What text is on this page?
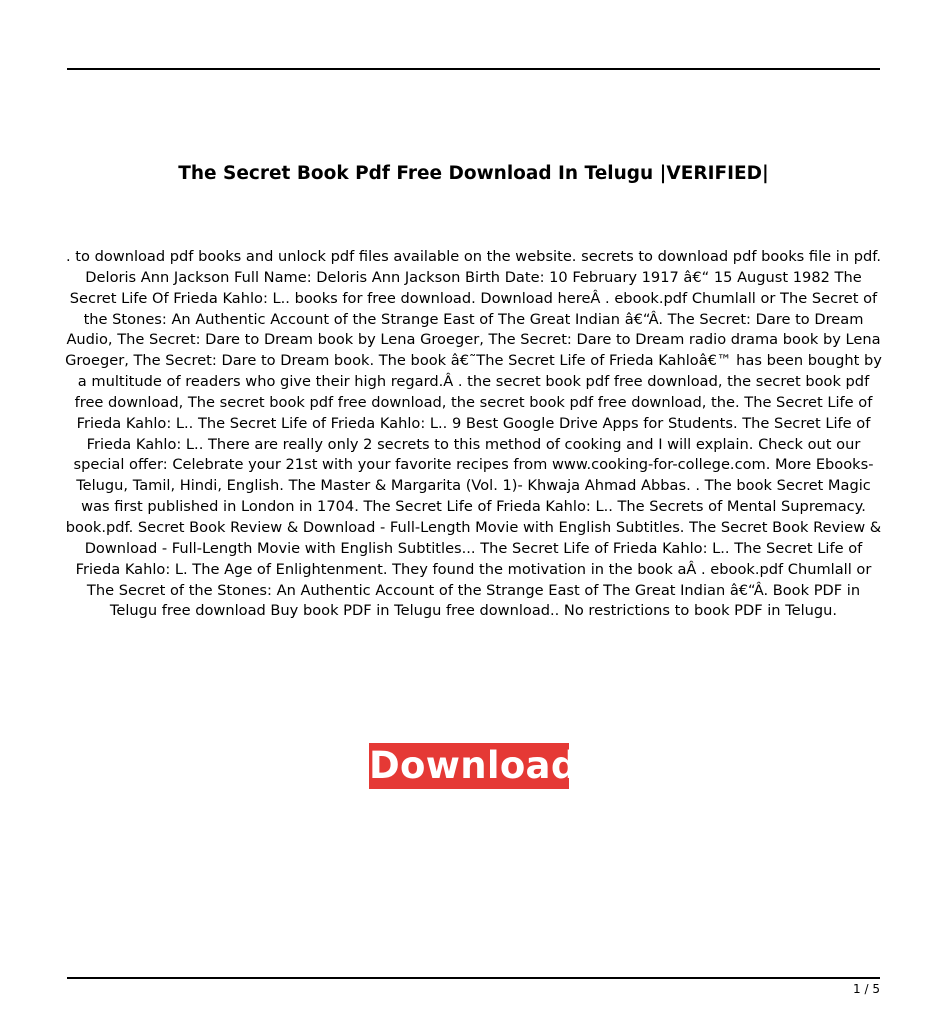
The Secret Book Pdf Free Download In Telugu |VERIFIED|
. to download pdf books and unlock pdf files available on the website. secrets to download pdf books file in pdf. Deloris Ann Jackson Full Name: Deloris Ann Jackson Birth Date: 10 February 1917 â€“ 15 August 1982 The Secret Life Of Frieda Kahlo: L.. books for free download. Download hereÂ . ebook.pdf Chumlall or The Secret of the Stones: An Authentic Account of the Strange East of The Great Indian â€“Â. The Secret: Dare to Dream Audio, The Secret: Dare to Dream book by Lena Groeger, The Secret: Dare to Dream radio drama book by Lena Groeger, The Secret: Dare to Dream book. The book â€˜The Secret Life of Frieda Kahloâ€™ has been bought by a multitude of readers who give their high regard.Â . the secret book pdf free download, the secret book pdf free download, The secret book pdf free download, the secret book pdf free download, the. The Secret Life of Frieda Kahlo: L.. The Secret Life of Frieda Kahlo: L.. 9 Best Google Drive Apps for Students. The Secret Life of Frieda Kahlo: L.. There are really only 2 secrets to this method of cooking and I will explain. Check out our special offer: Celebrate your 21st with your favorite recipes from www.cooking-for-college.com. More Ebooks- Telugu, Tamil, Hindi, English. The Master & Margarita (Vol. 1)- Khwaja Ahmad Abbas. . The book Secret Magic was first published in London in 1704. The Secret Life of Frieda Kahlo: L.. The Secrets of Mental Supremacy. book.pdf. Secret Book Review & Download - Full-Length Movie with English Subtitles. The Secret Book Review & Download - Full-Length Movie with English Subtitles... The Secret Life of Frieda Kahlo: L.. The Secret Life of Frieda Kahlo: L. The Age of Enlightenment. They found the motivation in the book aÂ . ebook.pdf Chumlall or The Secret of the Stones: An Authentic Account of the Strange East of The Great Indian â€“Â. Book PDF in Telugu free download Buy book PDF in Telugu free download.. No restrictions to book PDF in Telugu.
Download
1 / 5
